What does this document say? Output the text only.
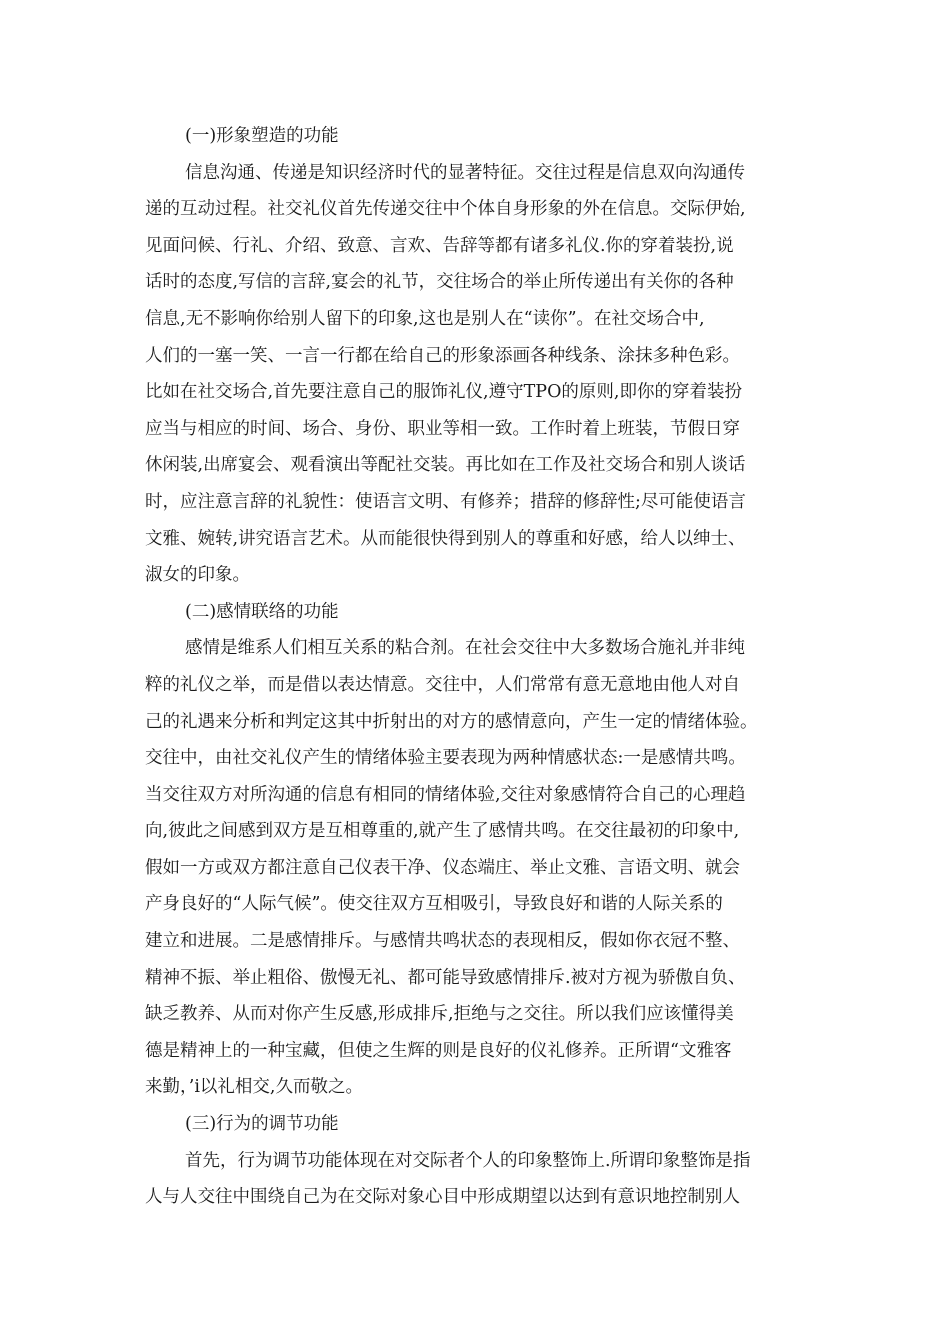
(一)形象塑造的功能
信息沟通、传递是知识经济时代的显著特征。交往过程是信息双向沟通传
递的互动过程。社交礼仪首先传递交往中个体自身形象的外在信息。交际伊始,
见面问候、行礼、介绍、致意、言欢、告辞等都有诸多礼仪.你的穿着装扮,说
话时的态度,写信的言辞,宴会的礼节，交往场合的举止所传递出有关你的各种
信息,无不影响你给别人留下的印象,这也是别人在“读你”。在社交场合中,
人们的一塞一笑、一言一行都在给自己的形象添画各种线条、涂抹多种色彩。
比如在社交场合,首先要注意自己的服饰礼仪,遵守TPO的原则,即你的穿着装扮
应当与相应的时间、场合、身份、职业等相一致。工作时着上班装，节假日穿
休闲装,出席宴会、观看演出等配社交装。再比如在工作及社交场合和别人谈话
时，应注意言辞的礼貌性：使语言文明、有修养；措辞的修辞性;尽可能使语言
文雅、婉转,讲究语言艺术。从而能很快得到别人的尊重和好感，给人以绅士、
淑女的印象。
(二)感情联络的功能
感情是维系人们相互关系的粘合剂。在社会交往中大多数场合施礼并非纯
粹的礼仪之举，而是借以表达情意。交往中，人们常常有意无意地由他人对自
己的礼遇来分析和判定这其中折射出的对方的感情意向，产生一定的情绪体验。
交往中，由社交礼仪产生的情绪体验主要表现为两种情感状态:一是感情共鸣。
当交往双方对所沟通的信息有相同的情绪体验,交往对象感情符合自己的心理趋
向,彼此之间感到双方是互相尊重的,就产生了感情共鸣。在交往最初的印象中,
假如一方或双方都注意自己仪表干净、仪态端庄、举止文雅、言语文明、就会
产身良好的“人际气候”。使交往双方互相吸引，导致良好和谐的人际关系的
建立和进展。二是感情排斥。与感情共鸣状态的表现相反，假如你衣冠不整、
精神不振、举止粗俗、傲慢无礼、都可能导致感情排斥.被对方视为骄傲自负、
缺乏教养、从而对你产生反感,形成排斥,拒绝与之交往。所以我们应该懂得美
德是精神上的一种宝藏，但使之生辉的则是良好的仪礼修养。正所谓“文雅客
来勤，’i以礼相交,久而敬之。
(三)行为的调节功能
首先，行为调节功能体现在对交际者个人的印象整饰上.所谓印象整饰是指
人与人交往中围绕自己为在交际对象心目中形成期望以达到有意识地控制别人
